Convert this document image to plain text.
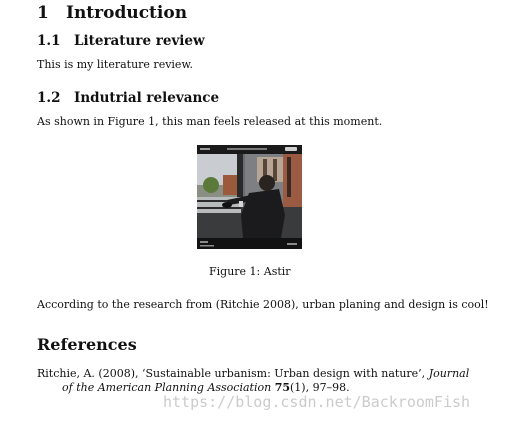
1 Introduction
1.1 Literature review
This is my literature review.
1.2 Indutrial relevance
As shown in Figure 1, this man feels released at this moment.
Figure 1: Astir
According to the research from (Ritchie 2008), urban planing and design is cool!
References
Ritchie, A. (2008), ‘Sustainable urbanism: Urban design with nature’, Journal
of the American Planning Association 75(1), 97–98.
https://blog.csdn.net/BackroomFish
